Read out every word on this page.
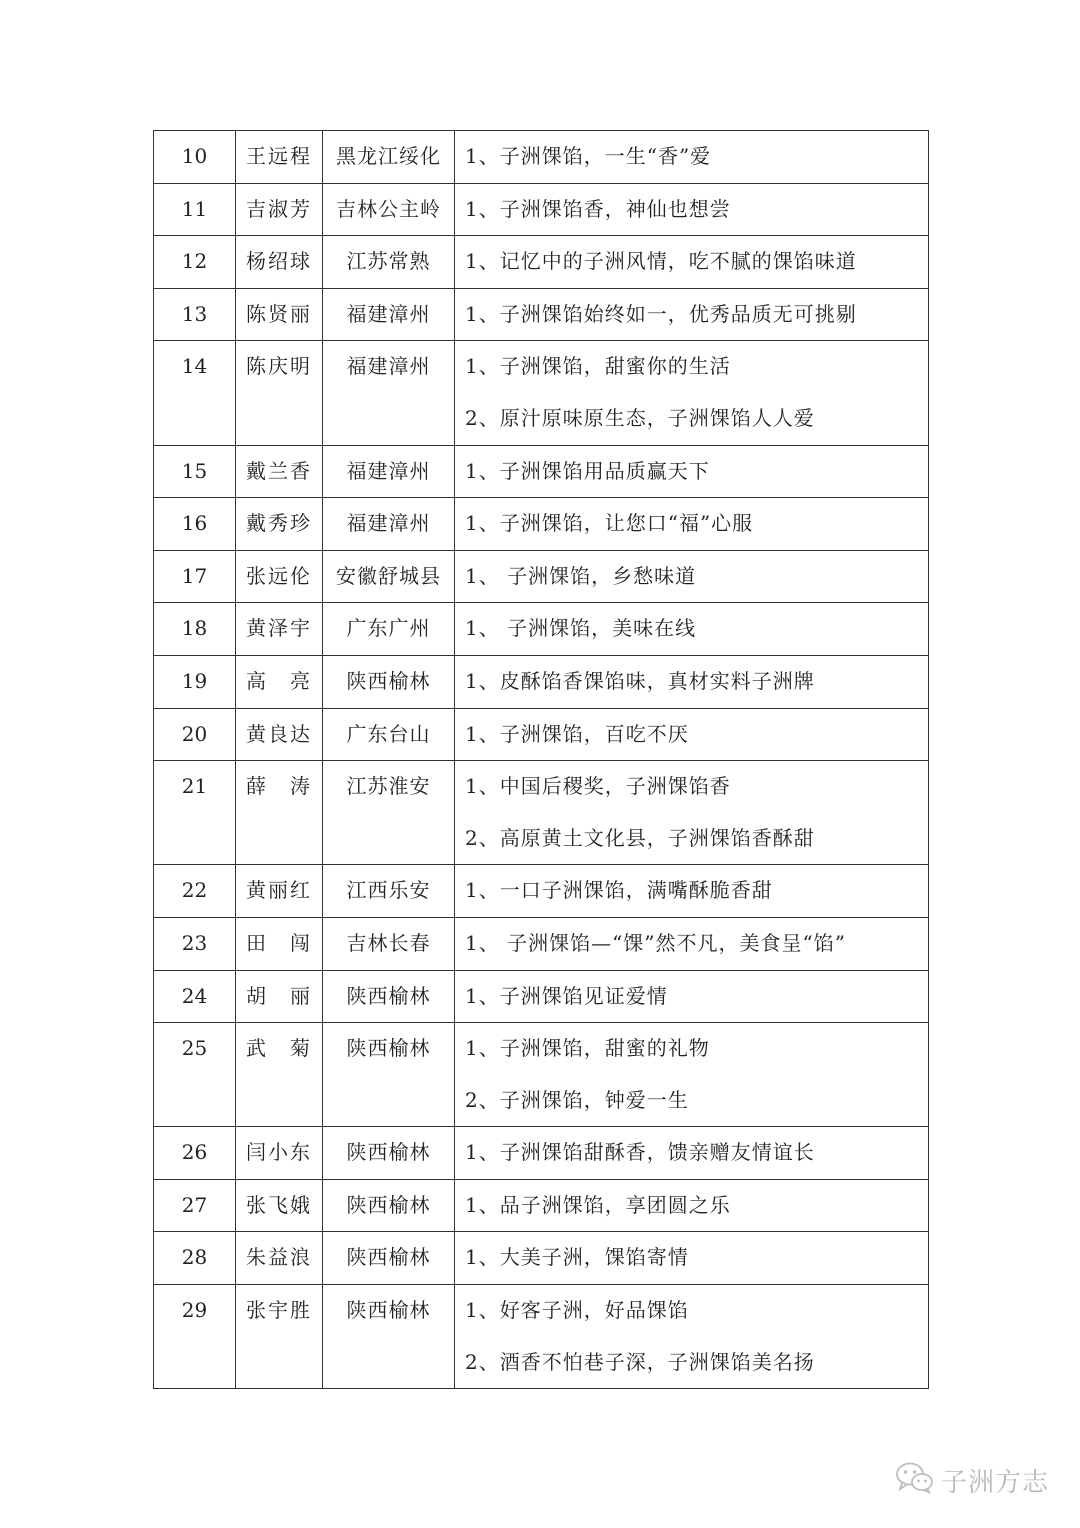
10	王远程	黑龙江绥化	1、子洲馃馅，一生“香”爱

11	吉淑芳	吉林公主岭	1、子洲馃馅香，神仙也想尝

12	杨绍球	江苏常熟	1、记忆中的子洲风情，吃不腻的馃馅味道

13	陈贤丽	福建漳州	1、子洲馃馅始终如一，优秀品质无可挑剔

14	陈庆明	福建漳州	1、子洲馃馅，甜蜜你的生活
2、原汁原味原生态，子洲馃馅人人爱

15	戴兰香	福建漳州	1、子洲馃馅用品质赢天下

16	戴秀珍	福建漳州	1、子洲馃馅，让您口“福”心服

17	张远伦	安徽舒城县	1、 子洲馃馅，乡愁味道

18	黄泽宇	广东广州	1、 子洲馃馅，美味在线

19	高　亮	陕西榆林	1、皮酥馅香馃馅味，真材实料子洲牌

20	黄良达	广东台山	1、子洲馃馅，百吃不厌

21	薛　涛	江苏淮安	1、中国后稷奖，子洲馃馅香
2、高原黄土文化县，子洲馃馅香酥甜

22	黄丽红	江西乐安	1、一口子洲馃馅，满嘴酥脆香甜

23	田　闯	吉林长春	1、 子洲馃馅—“馃”然不凡，美食呈“馅”

24	胡　丽	陕西榆林	1、子洲馃馅见证爱情

25	武　菊	陕西榆林	1、子洲馃馅，甜蜜的礼物
2、子洲馃馅，钟爱一生

26	闫小东	陕西榆林	1、子洲馃馅甜酥香，馈亲赠友情谊长

27	张飞娥	陕西榆林	1、品子洲馃馅，享团圆之乐

28	朱益浪	陕西榆林	1、大美子洲，馃馅寄情

29	张宇胜	陕西榆林	1、好客子洲，好品馃馅
2、酒香不怕巷子深，子洲馃馅美名扬
子洲方志
